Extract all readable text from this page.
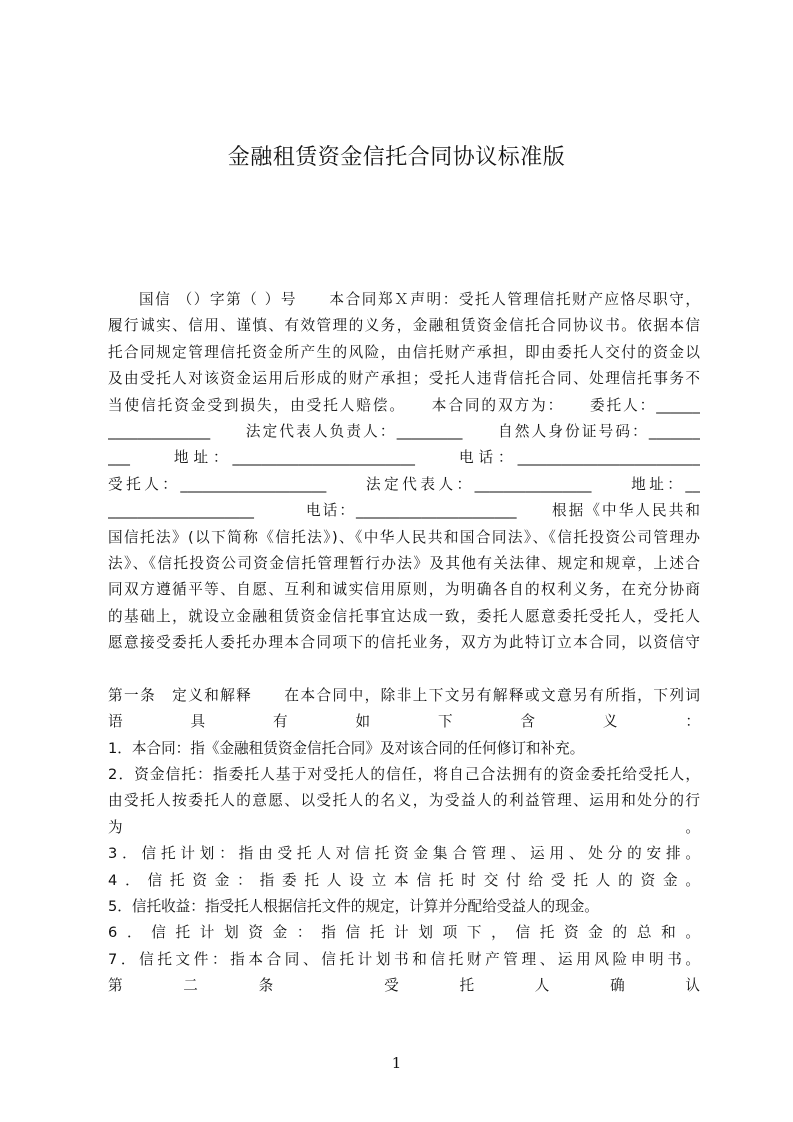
金融租赁资金信托合同协议标准版
国信 （）字第（ ）号　　本合同郑Ｘ声明：受托人管理信托财产应恪尽职守，
履行诚实、信用、谨慎、有效管理的义务，金融租赁资金信托合同协议书。依据本信
托合同规定管理信托资金所产生的风险，由信托财产承担，即由委托人交付的资金以
及由受托人对该资金运用后形成的财产承担；受托人违背信托合同、处理信托事务不
当使信托资金受到损失，由受托人赔偿。　　本合同的双方为：　　委托人：______
______________　　法定代表人负责人：_________　　自然人身份证号码：_______
___　　地址：_________________________　　电话：_________________________
受托人：____________________　　法定代表人：________________　　地址：__
____________________　　　电话：______________________　　根据《中华人民共和
国信托法》(以下简称《信托法》)、《中华人民共和国合同法》、《信托投资公司管理办
法》、《信托投资公司资金信托管理暂行办法》及其他有关法律、规定和规章，上述合
同双方遵循平等、自愿、互利和诚实信用原则，为明确各自的权利义务，在充分协商
的基础上，就设立金融租赁资金信托事宜达成一致，委托人愿意委托受托人，受托人
愿意接受委托人委托办理本合同项下的信托业务，双方为此特订立本合同，以资信守
第一条　定义和解释　　在本合同中，除非上下文另有解释或文意另有所指，下列词
语　　具　　有　　如　　下　　含　　义　　：
1．本合同：指《金融租赁资金信托合同》及对该合同的任何修订和补充。
2．资金信托：指委托人基于对受托人的信任，将自己合法拥有的资金委托给受托人，
由受托人按委托人的意愿、以受托人的名义，为受益人的利益管理、运用和处分的行
为　　　　　　　　　　　　　　　　　　　　　　　　　　　　　　　　　。
3．信托计划：指由受托人对信托资金集合管理、运用、处分的安排。
4．信托资金：指委托人设立本信托时交付给受托人的资金。
5．信托收益：指受托人根据信托文件的规定，计算并分配给受益人的现金。
6．信托计划资金：指信托计划项下，信托资金的总和。
7．信托文件：指本合同、信托计划书和信托财产管理、运用风险申明书。
第　　二　　条　　　　受　　托　　人　　确　　认
1
